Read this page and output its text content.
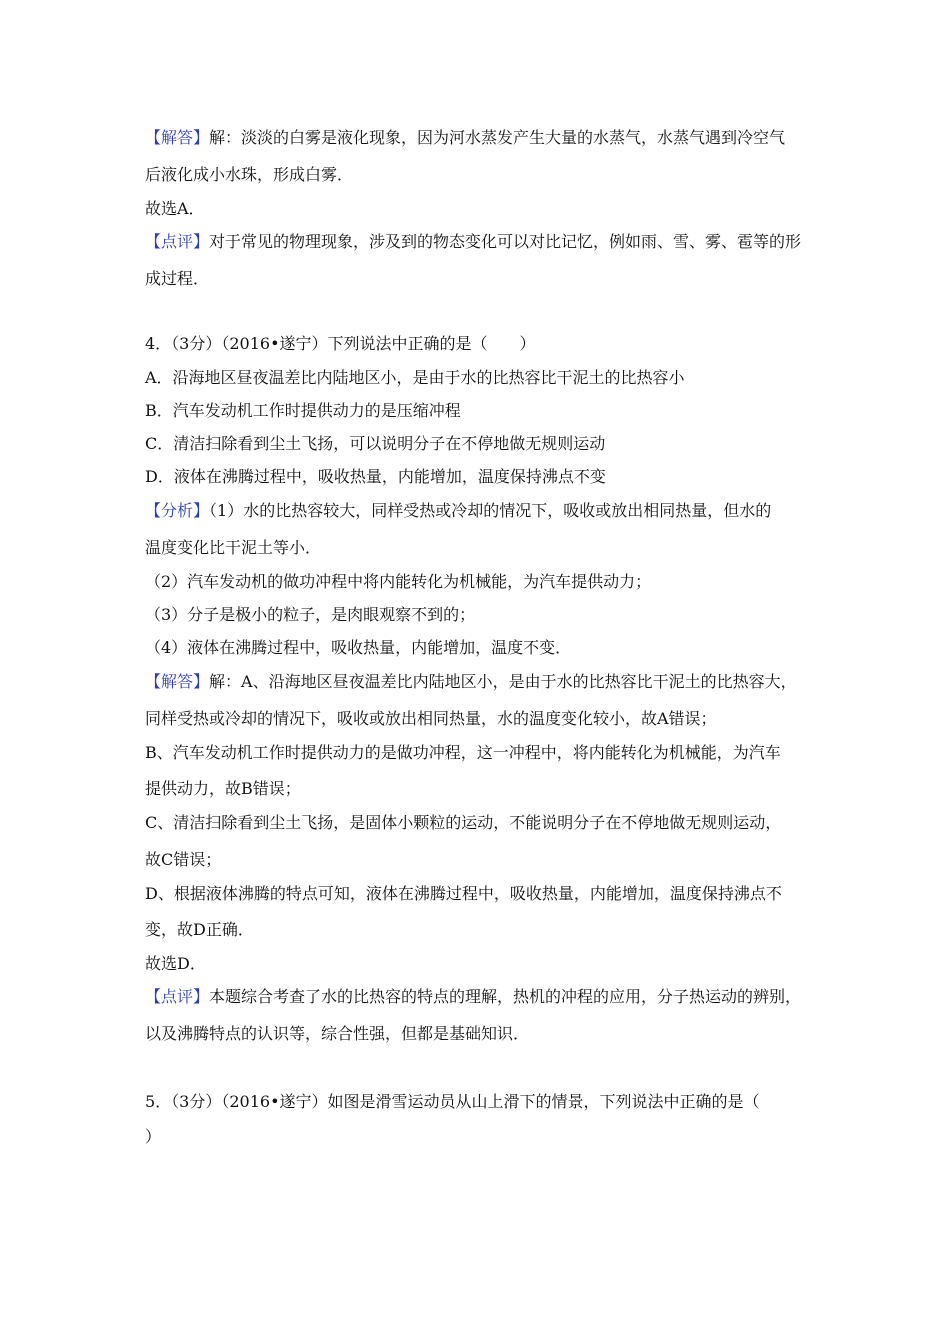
【解答】解：淡淡的白雾是液化现象，因为河水蒸发产生大量的水蒸气，水蒸气遇到冷空气
后液化成小水珠，形成白雾．
故选A．
【点评】对于常见的物理现象，涉及到的物态变化可以对比记忆，例如雨、雪、雾、雹等的形
成过程．
4．（3分）（2016•遂宁）下列说法中正确的是（　　）
A．沿海地区昼夜温差比内陆地区小，是由于水的比热容比干泥土的比热容小
B．汽车发动机工作时提供动力的是压缩冲程
C．清洁扫除看到尘土飞扬，可以说明分子在不停地做无规则运动
D．液体在沸腾过程中，吸收热量，内能增加，温度保持沸点不变
【分析】（1）水的比热容较大，同样受热或冷却的情况下，吸收或放出相同热量，但水的
温度变化比干泥土等小．
（2）汽车发动机的做功冲程中将内能转化为机械能，为汽车提供动力；
（3）分子是极小的粒子，是肉眼观察不到的；
（4）液体在沸腾过程中，吸收热量，内能增加，温度不变．
【解答】解：A、沿海地区昼夜温差比内陆地区小，是由于水的比热容比干泥土的比热容大，
同样受热或冷却的情况下，吸收或放出相同热量，水的温度变化较小，故A错误；
B、汽车发动机工作时提供动力的是做功冲程，这一冲程中，将内能转化为机械能，为汽车
提供动力，故B错误；
C、清洁扫除看到尘土飞扬，是固体小颗粒的运动，不能说明分子在不停地做无规则运动，
故C错误；
D、根据液体沸腾的特点可知，液体在沸腾过程中，吸收热量，内能增加，温度保持沸点不
变，故D正确．
故选D．
【点评】本题综合考查了水的比热容的特点的理解，热机的冲程的应用，分子热运动的辨别，
以及沸腾特点的认识等，综合性强，但都是基础知识．
5．（3分）（2016•遂宁）如图是滑雪运动员从山上滑下的情景，下列说法中正确的是（
）
